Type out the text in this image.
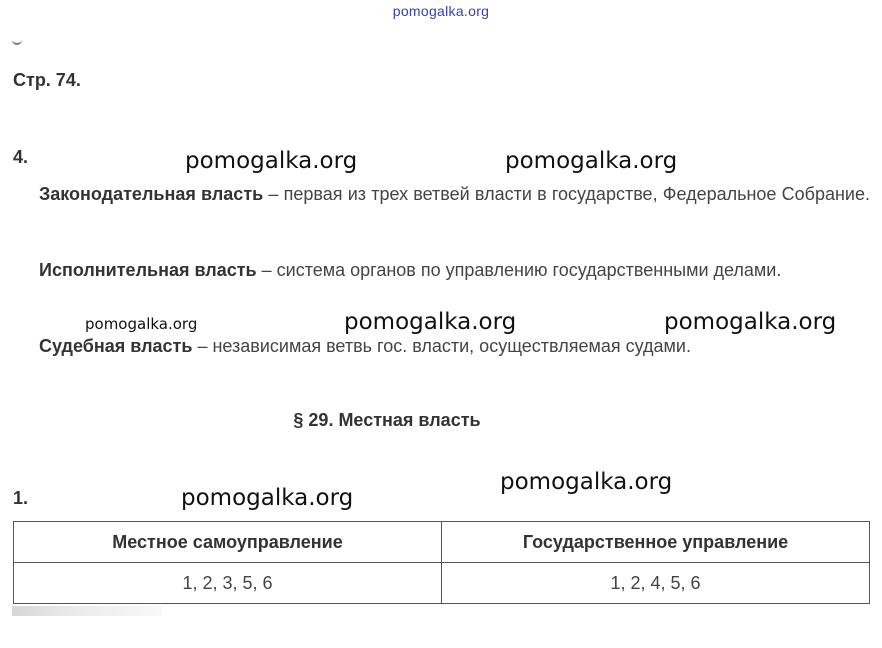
pomogalka.org
Стр. 74.
4.
Законодательная власть – первая из трех ветвей власти в государстве, Федеральное Собрание.
Исполнительная власть – система органов по управлению государственными делами.
Судебная власть – независимая ветвь гос. власти, осуществляемая судами.
§ 29. Местная власть
1.
Местное самоуправление	Государственное управление
1, 2, 3, 5, 6	1, 2, 4, 5, 6
pomogalka.org	pomogalka.org
pomogalka.org	pomogalka.org	pomogalka.org
pomogalka.org
pomogalka.org
